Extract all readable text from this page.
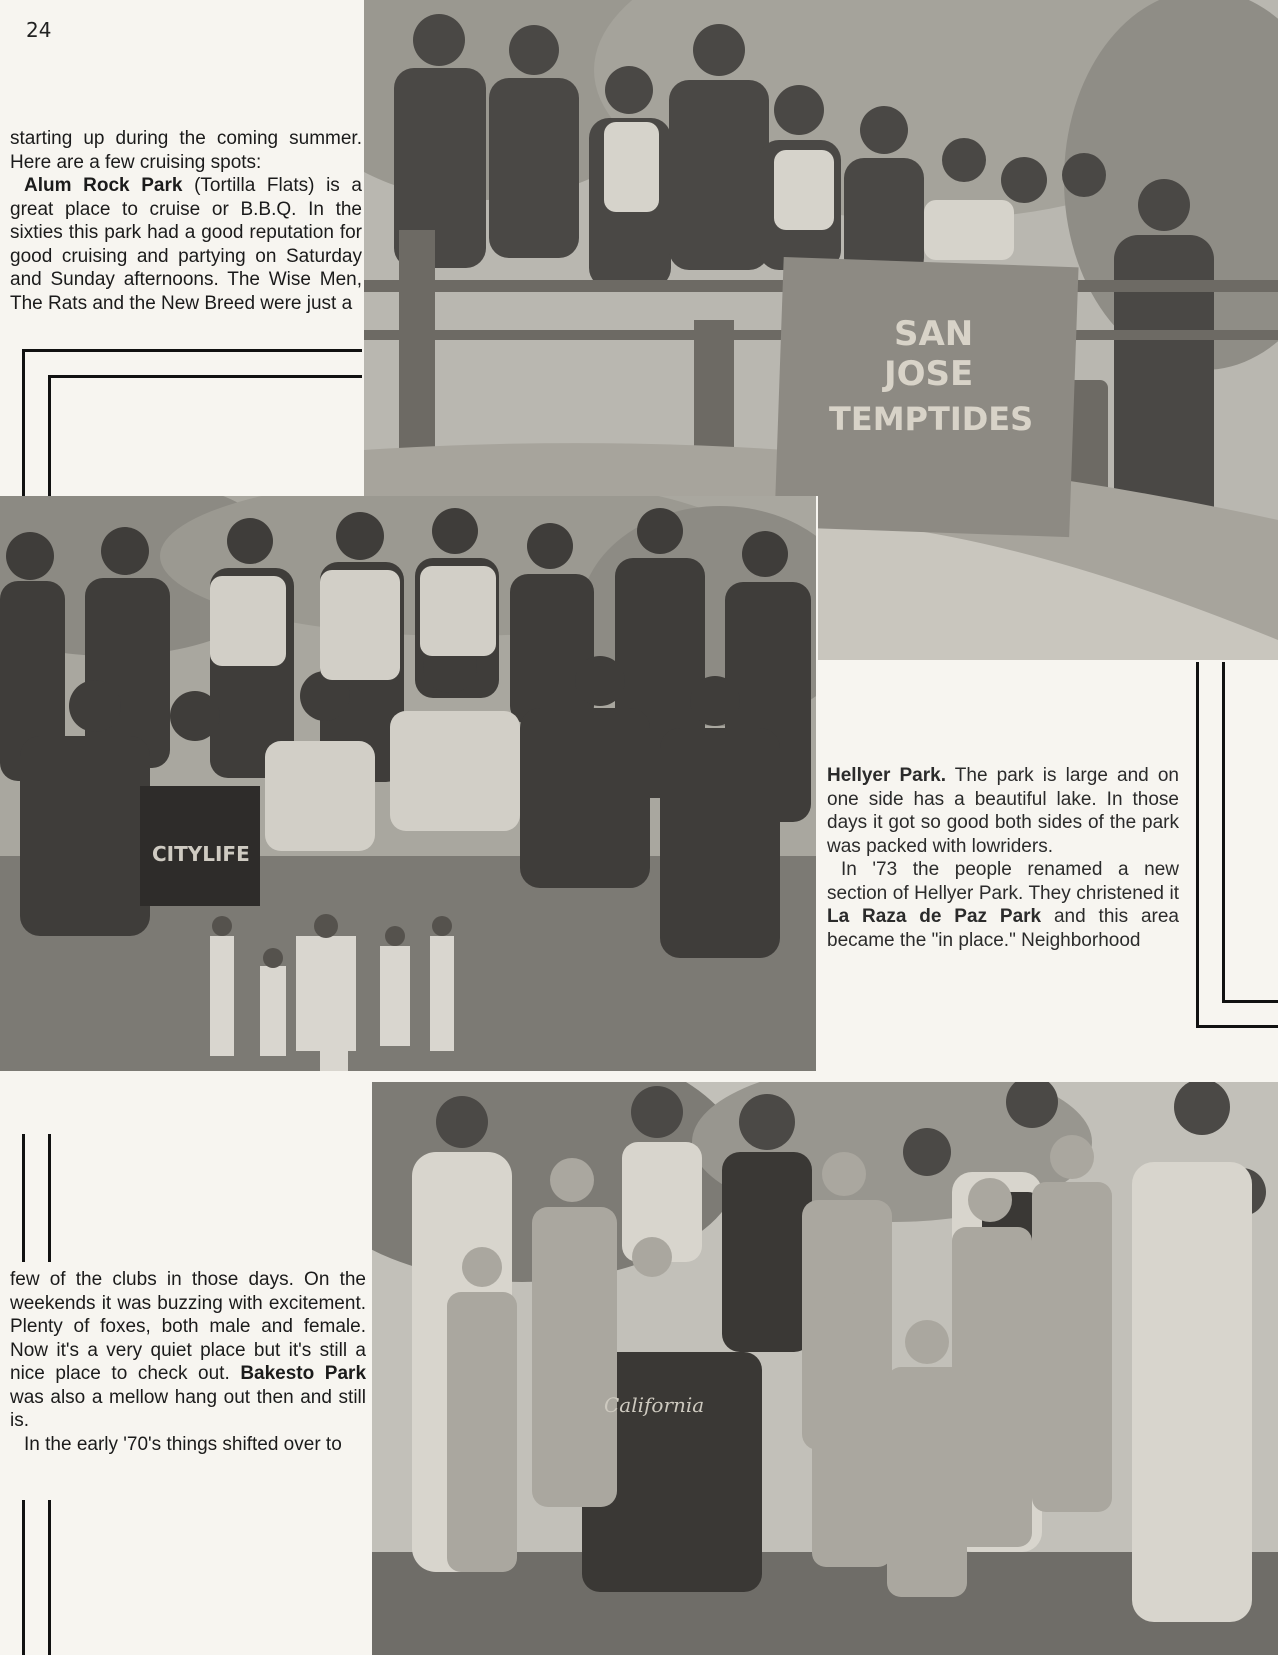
24
SAN
JOSE
TEMPTIDES

starting up during the coming summer. Here are a few cruising spots:

Alum Rock Park (Tortilla Flats) is a great place to cruise or B.B.Q. In the sixties this park had a good reputation for good cruising and partying on Saturday and Sunday afternoons. The Wise Men, The Rats and the New Breed were just a

CITYLIFE

Hellyer Park. The park is large and on one side has a beautiful lake. In those days it got so good both sides of the park was packed with lowriders.

In '73 the people renamed a new section of Hellyer Park. They christened it La Raza de Paz Park and this area became the "in place." Neighborhood

California

few of the clubs in those days. On the weekends it was buzzing with excitement. Plenty of foxes, both male and female. Now it's a very quiet place but it's still a nice place to check out. Bakesto Park was also a mellow hang out then and still is.

In the early '70's things shifted over to
